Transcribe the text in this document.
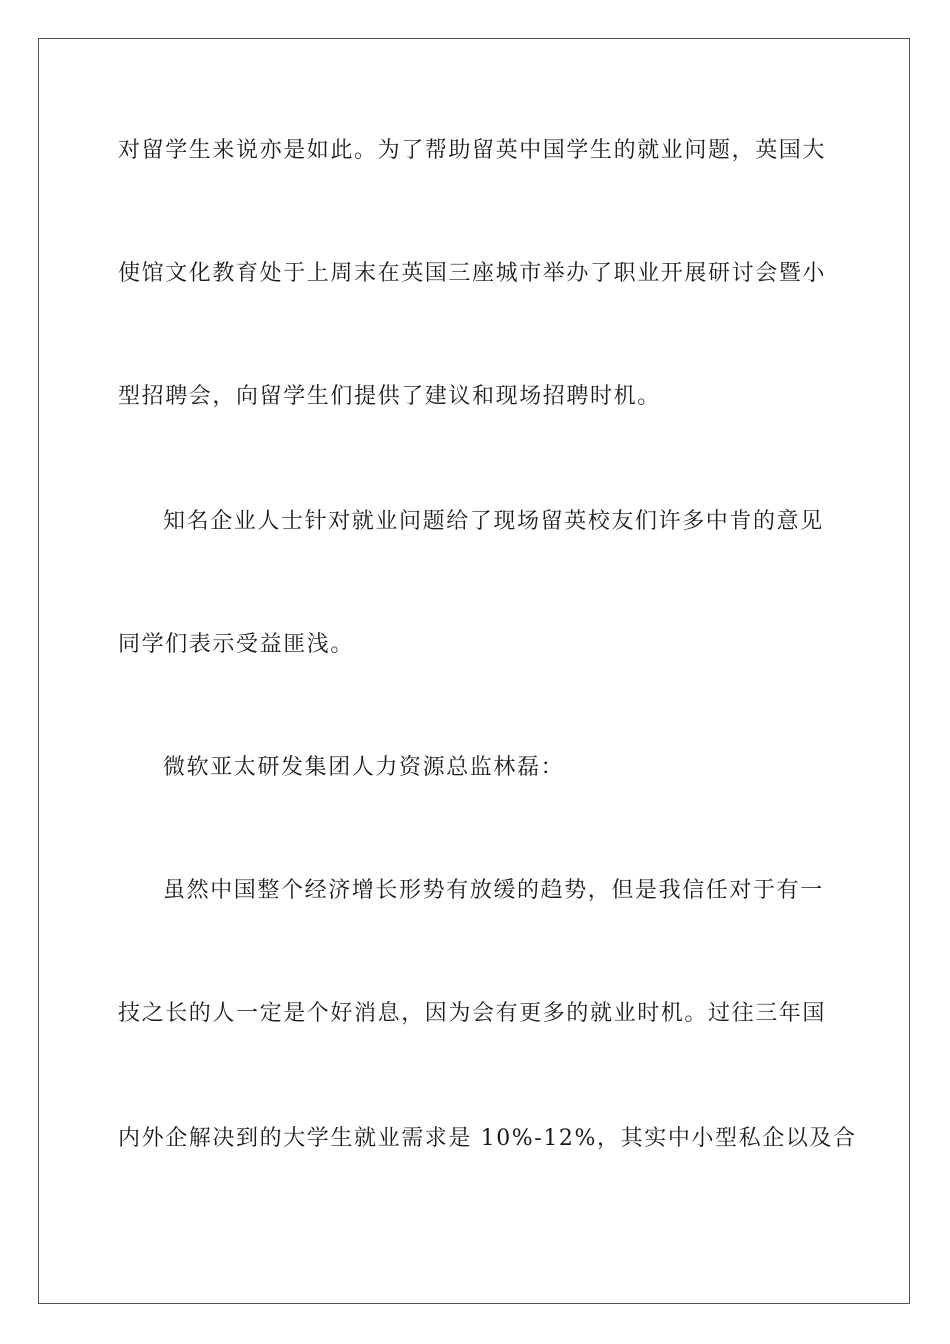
对留学生来说亦是如此。为了帮助留英中国学生的就业问题，英国大
使馆文化教育处于上周末在英国三座城市举办了职业开展研讨会暨小
型招聘会，向留学生们提供了建议和现场招聘时机。
知名企业人士针对就业问题给了现场留英校友们许多中肯的意见
同学们表示受益匪浅。
微软亚太研发集团人力资源总监林磊：
虽然中国整个经济增长形势有放缓的趋势，但是我信任对于有一
技之长的人一定是个好消息，因为会有更多的就业时机。过往三年国
内外企解决到的大学生就业需求是 10%-12%，其实中小型私企以及合
